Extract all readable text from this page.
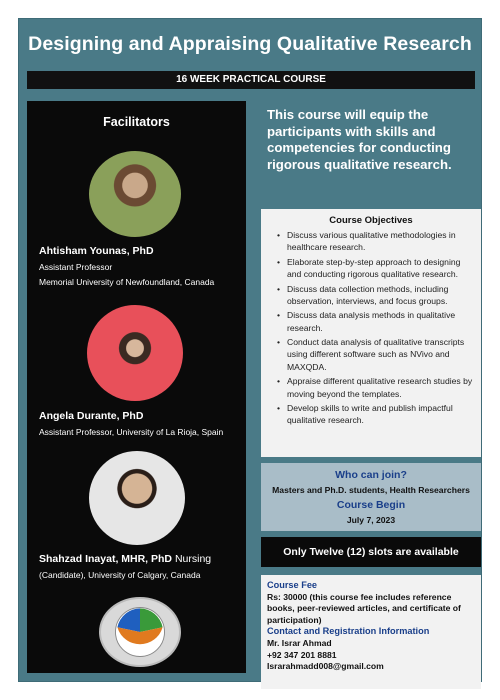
Designing and Appraising Qualitative Research
16 WEEK PRACTICAL COURSE
Facilitators
Ahtisham Younas, PhD
Assistant Professor
Memorial University of Newfoundland, Canada
Angela Durante, PhD
Assistant Professor, University of La Rioja, Spain
Shahzad Inayat, MHR, PhD Nursing
(Candidate), University of Calgary, Canada
This course will equip the participants with skills and competencies for conducting rigorous qualitative research.
Course Objectives
• Discuss various qualitative methodologies in healthcare research.
• Elaborate step-by-step approach to designing and conducting rigorous qualitative research.
• Discuss data collection methods, including observation, interviews, and focus groups.
• Discuss data analysis methods in qualitative research.
• Conduct data analysis of qualitative transcripts using different software such as NVivo and MAXQDA.
• Appraise different qualitative research studies by moving beyond the templates.
• Develop skills to write and publish impactful qualitative research.
Who can join?
Masters and Ph.D. students, Health Researchers
Course Begin
July 7, 2023
Only Twelve (12) slots are available
Course Fee
Rs: 30000 (this course fee includes reference books, peer-reviewed articles, and certificate of participation)
Contact and Registration Information
Mr. Israr Ahmad
+92 347 201 8881
Israrahmadd008@gmail.com
